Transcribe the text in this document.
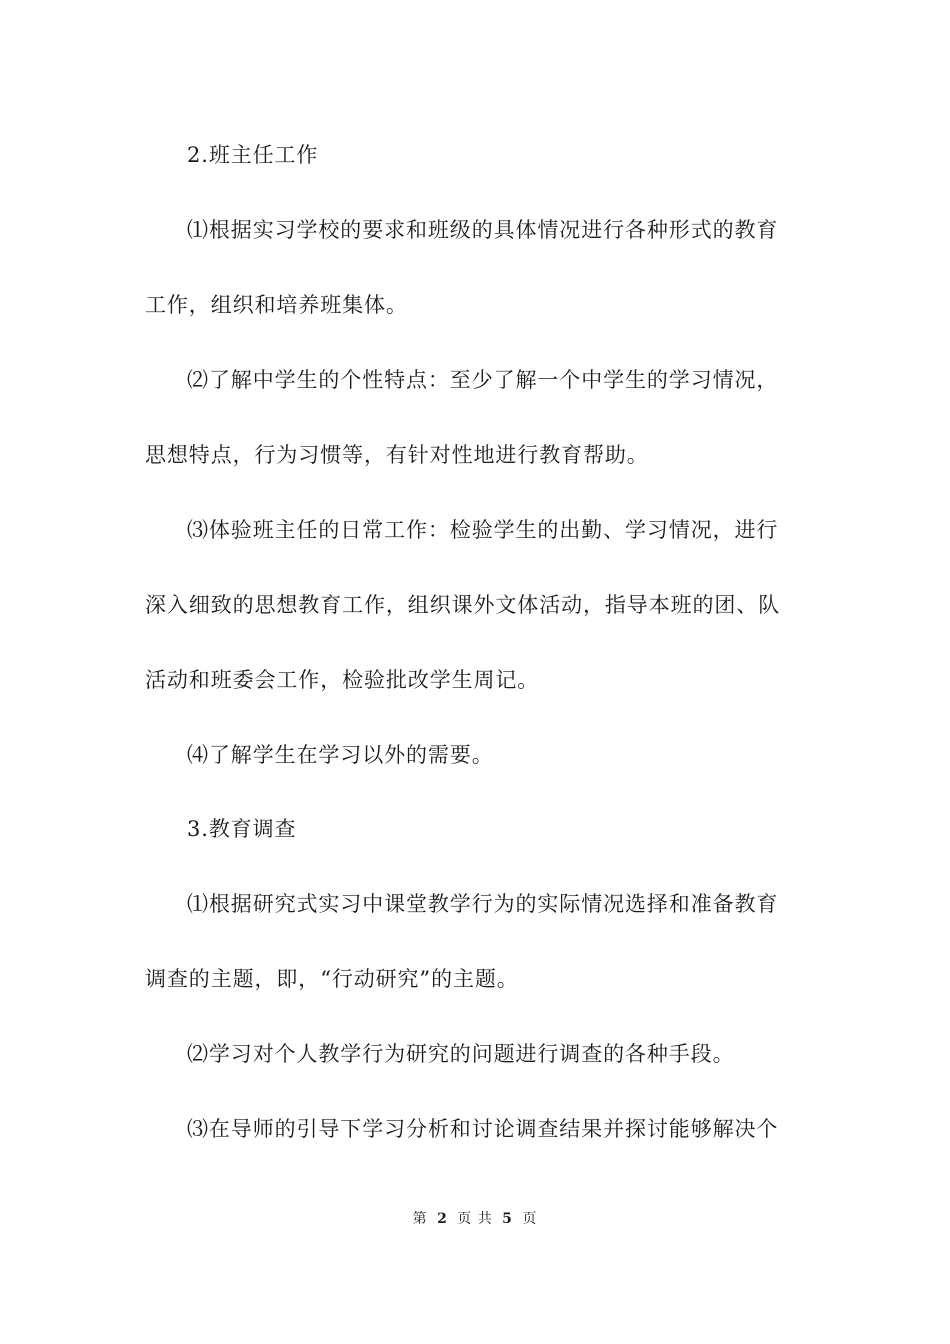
2.班主任工作
⑴根据实习学校的要求和班级的具体情况进行各种形式的教育
工作，组织和培养班集体。
⑵了解中学生的个性特点：至少了解一个中学生的学习情况，
思想特点，行为习惯等，有针对性地进行教育帮助。
⑶体验班主任的日常工作：检验学生的出勤、学习情况，进行
深入细致的思想教育工作，组织课外文体活动，指导本班的团、队
活动和班委会工作，检验批改学生周记。
⑷了解学生在学习以外的需要。
3.教育调查
⑴根据研究式实习中课堂教学行为的实际情况选择和准备教育
调查的主题，即，“行动研究”的主题。
⑵学习对个人教学行为研究的问题进行调查的各种手段。
⑶在导师的引导下学习分析和讨论调查结果并探讨能够解决个
第 2 页 共 5 页
